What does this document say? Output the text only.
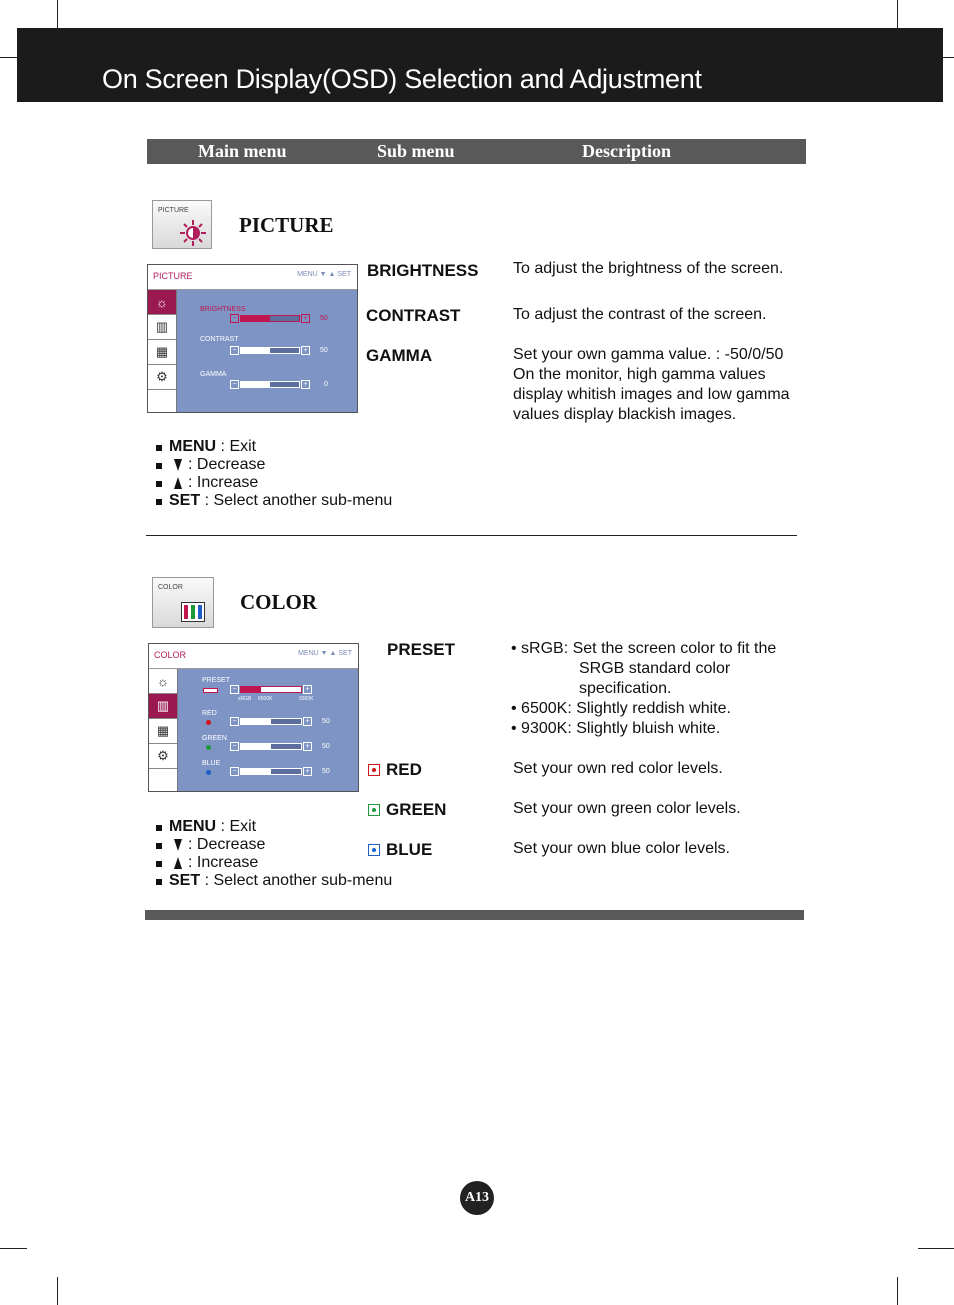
On Screen Display(OSD) Selection and Adjustment
Main menu	Sub menu	Description
PICTURE
PICTURE
PICTURE	MENU ▼ ▲ SET
☼
▥
▦
⚙
BRIGHTNESS
−	+	50
CONTRAST
−	+	50
GAMMA
−	+	0
BRIGHTNESS To adjust the brightness of the screen.
CONTRAST	To adjust the contrast of the screen.
GAMMA	Set your own gamma value. : -50/0/50
On the monitor, high gamma values
display whitish images and low gamma
values display blackish images.
MENU : Exit
: Decrease
: Increase
SET : Select another sub-menu
COLOR
COLOR
COLOR	MENU ▼ ▲ SET
☼
▥
▦
⚙
PRESET
−	+
sRGB 6500K	9300K
RED
−	+	50
GREEN
−	+	50
BLUE
−	+	50
PRESET	• sRGB: Set the screen color to fit the
SRGB standard color
specification.
• 6500K: Slightly reddish white.
• 9300K: Slightly bluish white.
RED	Set your own red color levels.
GREEN	Set your own green color levels.
BLUE	Set your own blue color levels.
MENU : Exit
: Decrease
: Increase
SET : Select another sub-menu
A13
